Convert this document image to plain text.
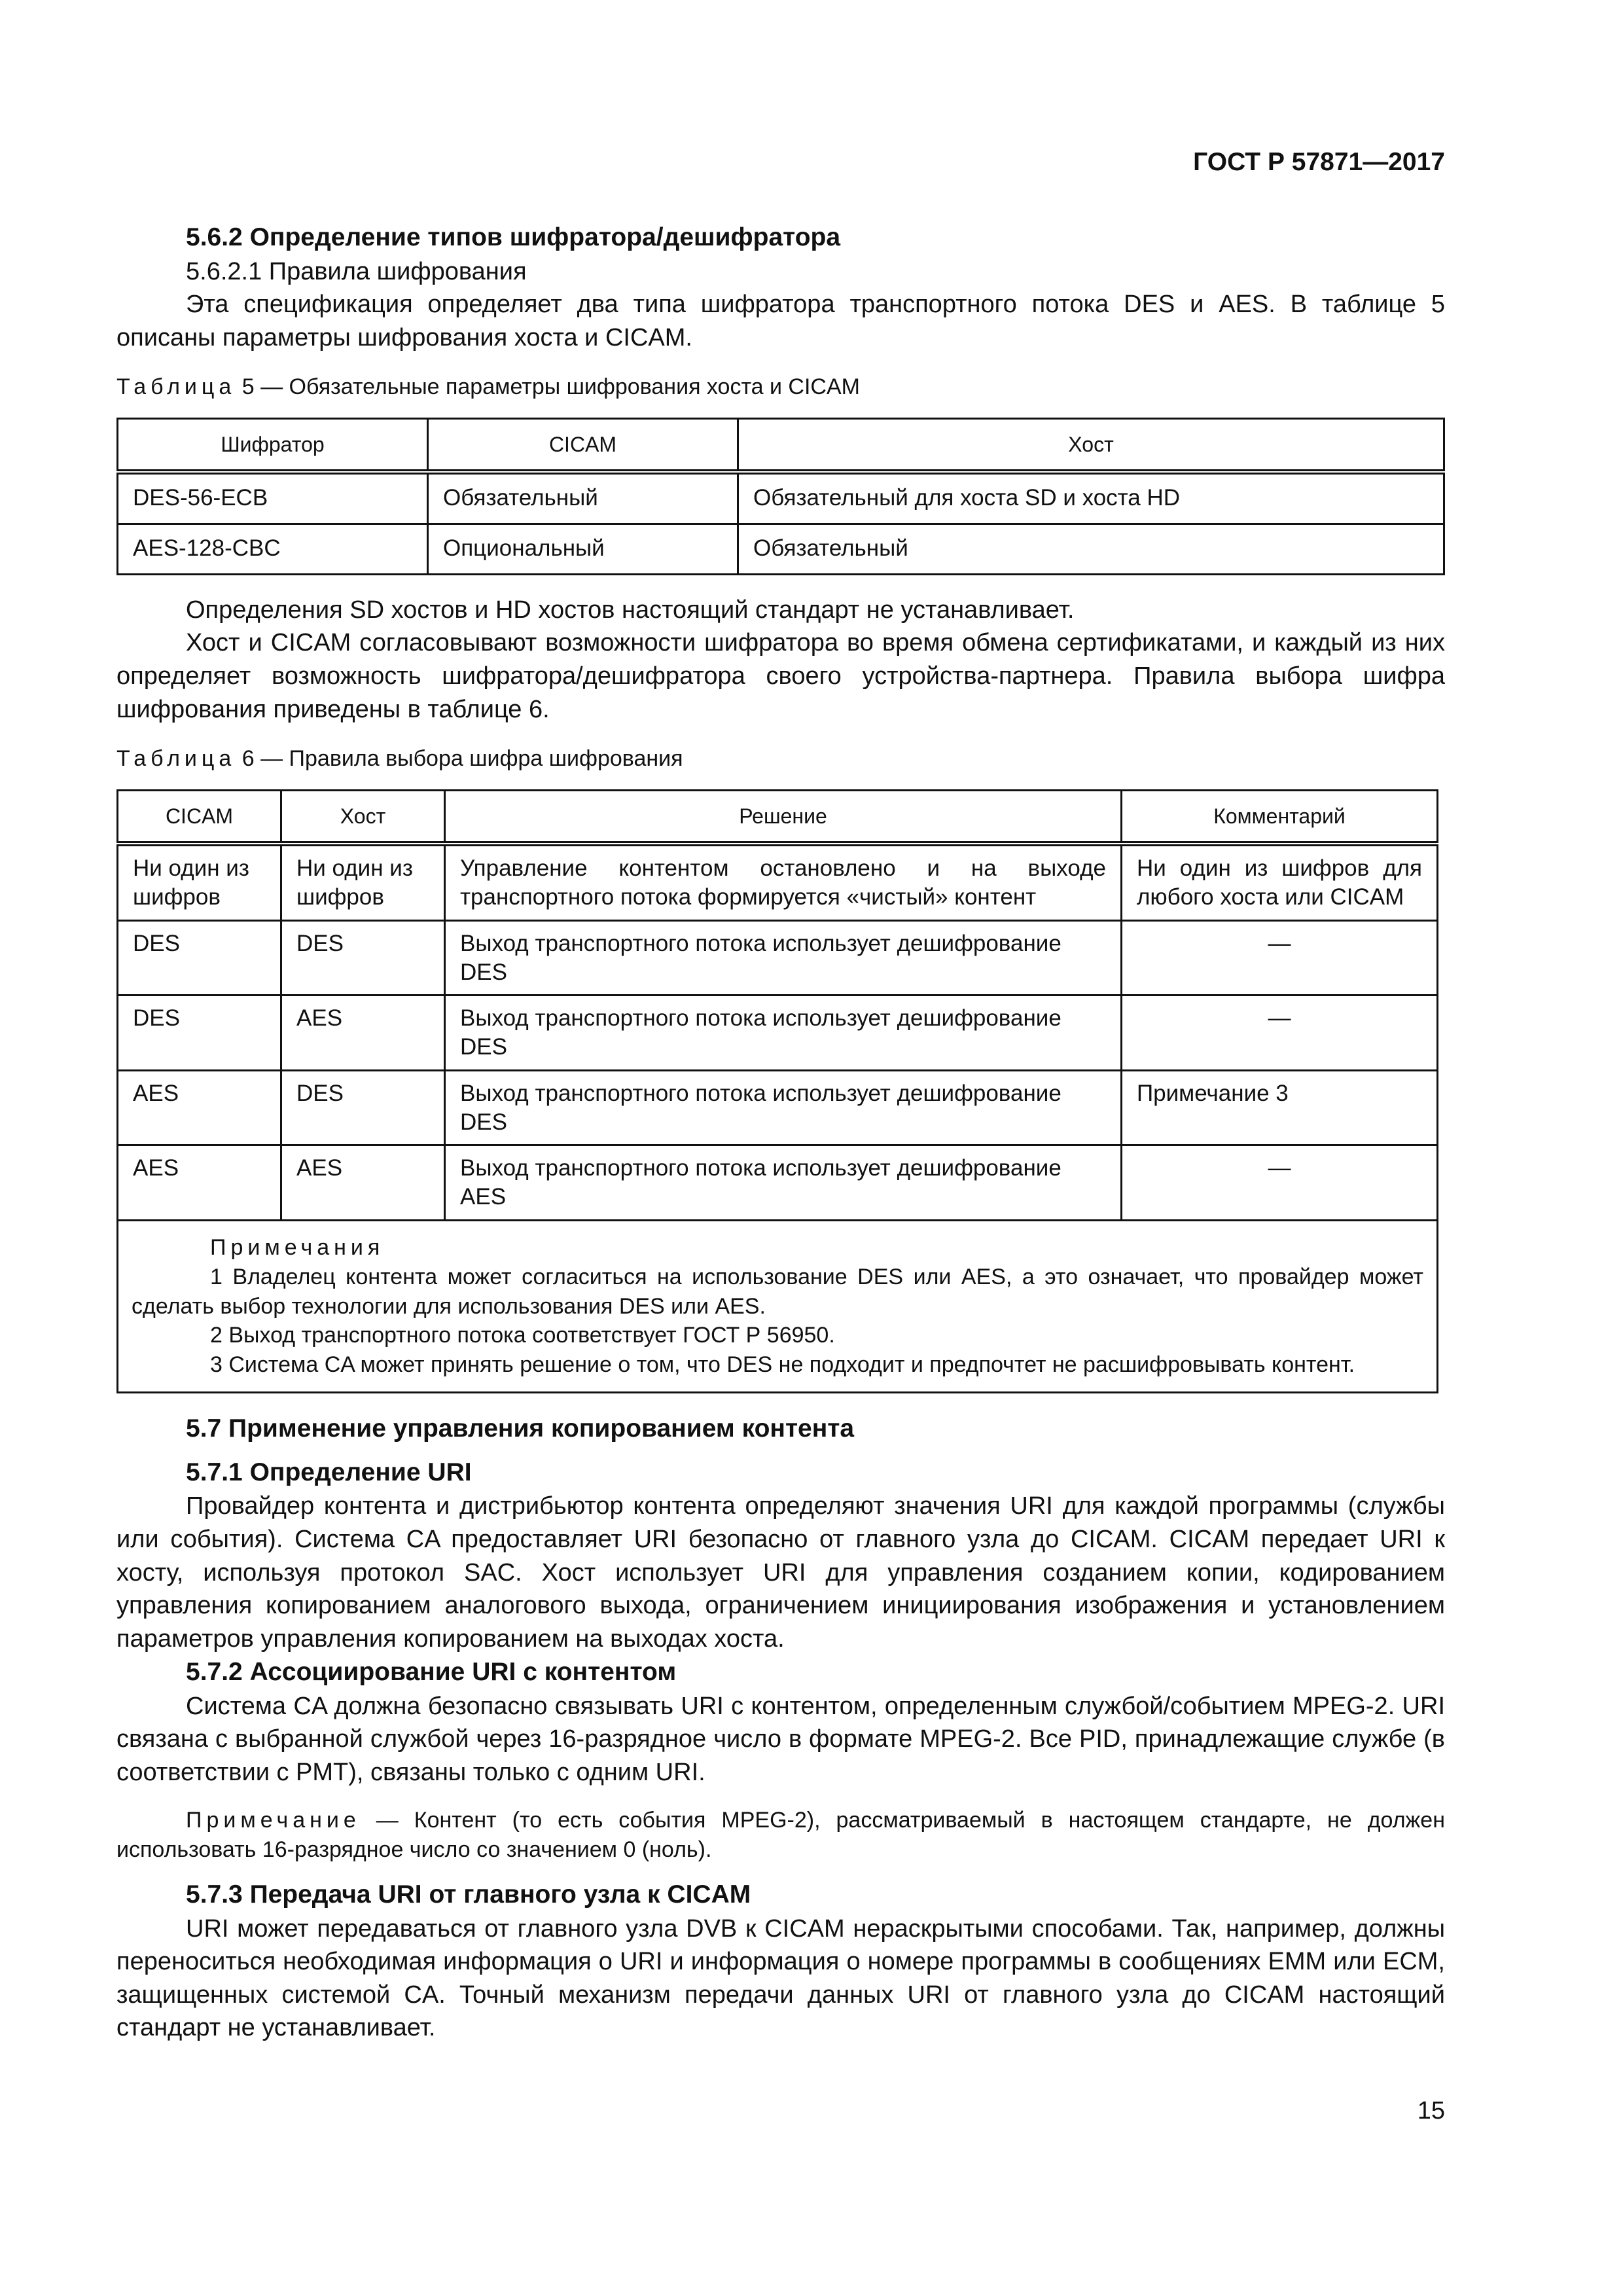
ГОСТ Р 57871—2017
5.6.2 Определение типов шифратора/дешифратора

5.6.2.1 Правила шифрования

Эта спецификация определяет два типа шифратора транспортного потока DES и AES. В таблице 5 описаны параметры шифрования хоста и CICAM.

Таблица 5 — Обязательные параметры шифрования хоста и CICAM
Шифратор	CICAM	Хост
DES-56-ECB	Обязательный	Обязательный для хоста SD и хоста HD
AES-128-CBC	Опциональный	Обязательный

Определения SD хостов и HD хостов настоящий стандарт не устанавливает.

Хост и CICAM согласовывают возможности шифратора во время обмена сертификатами, и каждый из них определяет возможность шифратора/дешифратора своего устройства-партнера. Правила выбора шифра шифрования приведены в таблице 6.

Таблица 6 — Правила выбора шифра шифрования
CICAM	Хост	Решение	Комментарий
Ни один из шифров	Ни один из шифров	Управление контентом остановлено и на выходе транспортного потока формируется «чистый» контент	Ни один из шифров для любого хоста или CICAM
DES	DES	Выход транспортного потока использует дешифрование DES	—
DES	AES	Выход транспортного потока использует дешифрование DES	—
AES	DES	Выход транспортного потока использует дешифрование DES	Примечание 3
AES	AES	Выход транспортного потока использует дешифрование AES	—

Примечания
1 Владелец контента может согласиться на использование DES или AES, а это означает, что провайдер может сделать выбор технологии для использования DES или AES.
2 Выход транспортного потока соответствует ГОСТ Р 56950.
3 Система CA может принять решение о том, что DES не подходит и предпочтет не расшифровывать контент.			
5.7 Применение управления копированием контента
5.7.1 Определение URI

Провайдер контента и дистрибьютор контента определяют значения URI для каждой программы (службы или события). Система CA предоставляет URI безопасно от главного узла до CICAM. CICAM передает URI к хосту, используя протокол SAC. Хост использует URI для управления созданием копии, кодированием управления копированием аналогового выхода, ограничением инициирования изображения и установлением параметров управления копированием на выходах хоста.

5.7.2 Ассоциирование URI с контентом

Система CA должна безопасно связывать URI с контентом, определенным службой/событием MPEG-2. URI связана с выбранной службой через 16-разрядное число в формате MPEG-2. Все PID, принадлежащие службе (в соответствии с PMT), связаны только с одним URI.

Примечание — Контент (то есть события MPEG-2), рассматриваемый в настоящем стандарте, не должен использовать 16-разрядное число со значением 0 (ноль).
5.7.3 Передача URI от главного узла к CICAM

URI может передаваться от главного узла DVB к CICAM нераскрытыми способами. Так, например, должны переноситься необходимая информация о URI и информация о номере программы в сообщениях EMM или ECM, защищенных системой CA. Точный механизм передачи данных URI от главного узла до CICAM настоящий стандарт не устанавливает.

15
